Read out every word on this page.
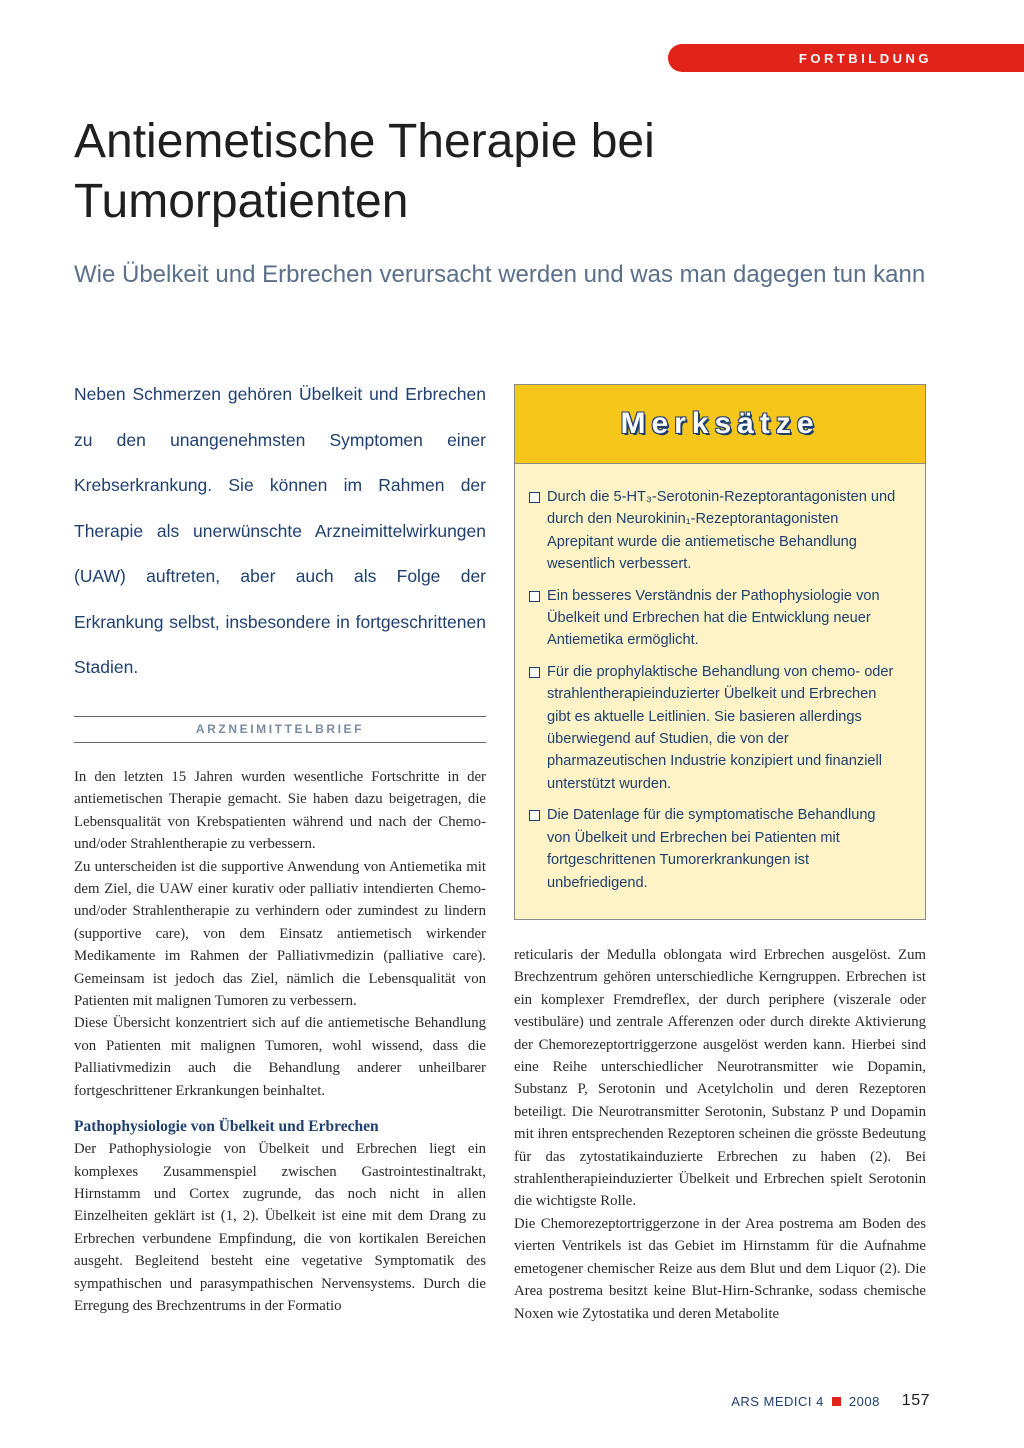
FORTBILDUNG
Antiemetische Therapie bei Tumorpatienten
Wie Übelkeit und Erbrechen verursacht werden und was man dagegen tun kann

Neben Schmerzen gehören Übelkeit und Erbrechen zu den unangenehmsten Symptomen einer Krebserkrankung. Sie können im Rahmen der Therapie als unerwünschte Arzneimittelwirkungen (UAW) auftreten, aber auch als Folge der Erkrankung selbst, insbesondere in fortgeschrittenen Stadien.

ARZNEIMITTELBRIEF

In den letzten 15 Jahren wurden wesentliche Fortschritte in der antiemetischen Therapie gemacht. Sie haben dazu beigetragen, die Lebensqualität von Krebspatienten während und nach der Chemo- und/oder Strahlentherapie zu verbessern.

Zu unterscheiden ist die supportive Anwendung von Antiemetika mit dem Ziel, die UAW einer kurativ oder palliativ intendierten Chemo- und/oder Strahlentherapie zu verhindern oder zumindest zu lindern (supportive care), von dem Einsatz antiemetisch wirkender Medikamente im Rahmen der Palliativmedizin (palliative care). Gemeinsam ist jedoch das Ziel, nämlich die Lebensqualität von Patienten mit malignen Tumoren zu verbessern.

Diese Übersicht konzentriert sich auf die antiemetische Behandlung von Patienten mit malignen Tumoren, wohl wissend, dass die Palliativmedizin auch die Behandlung anderer unheilbarer fortgeschrittener Erkrankungen beinhaltet.

Pathophysiologie von Übelkeit und Erbrechen

Der Pathophysiologie von Übelkeit und Erbrechen liegt ein komplexes Zusammenspiel zwischen Gastrointestinaltrakt, Hirnstamm und Cortex zugrunde, das noch nicht in allen Einzelheiten geklärt ist (1, 2). Übelkeit ist eine mit dem Drang zu Erbrechen verbundene Empfindung, die von kortikalen Bereichen ausgeht. Begleitend besteht eine vegetative Symptomatik des sympathischen und parasympathischen Nervensystems. Durch die Erregung des Brechzentrums in der Formatio

Merksätze
Durch die 5-HT₃-Serotonin-Rezeptorantagonisten und durch den Neurokinin₁-Rezeptorantagonisten Aprepitant wurde die antiemetische Behandlung wesentlich verbessert.
Ein besseres Verständnis der Pathophysiologie von Übelkeit und Erbrechen hat die Entwicklung neuer Antiemetika ermöglicht.
Für die prophylaktische Behandlung von chemo- oder strahlentherapieinduzierter Übelkeit und Erbrechen gibt es aktuelle Leitlinien. Sie basieren allerdings überwiegend auf Studien, die von der pharmazeutischen Industrie konzipiert und finanziell unterstützt wurden.
Die Datenlage für die symptomatische Behandlung von Übelkeit und Erbrechen bei Patienten mit fortgeschrittenen Tumorerkrankungen ist unbefriedigend.

reticularis der Medulla oblongata wird Erbrechen ausgelöst. Zum Brechzentrum gehören unterschiedliche Kerngruppen. Erbrechen ist ein komplexer Fremdreflex, der durch periphere (viszerale oder vestibuläre) und zentrale Afferenzen oder durch direkte Aktivierung der Chemorezeptortriggerzone ausgelöst werden kann. Hierbei sind eine Reihe unterschiedlicher Neurotransmitter wie Dopamin, Substanz P, Serotonin und Acetylcholin und deren Rezeptoren beteiligt. Die Neurotransmitter Serotonin, Substanz P und Dopamin mit ihren entsprechenden Rezeptoren scheinen die grösste Bedeutung für das zytostatikainduzierte Erbrechen zu haben (2). Bei strahlentherapieinduzierter Übelkeit und Erbrechen spielt Serotonin die wichtigste Rolle.

Die Chemorezeptortriggerzone in der Area postrema am Boden des vierten Ventrikels ist das Gebiet im Hirnstamm für die Aufnahme emetogener chemischer Reize aus dem Blut und dem Liquor (2). Die Area postrema besitzt keine Blut-Hirn-Schranke, sodass chemische Noxen wie Zytostatika und deren Metabolite

ARS MEDICI 4 2008 157
